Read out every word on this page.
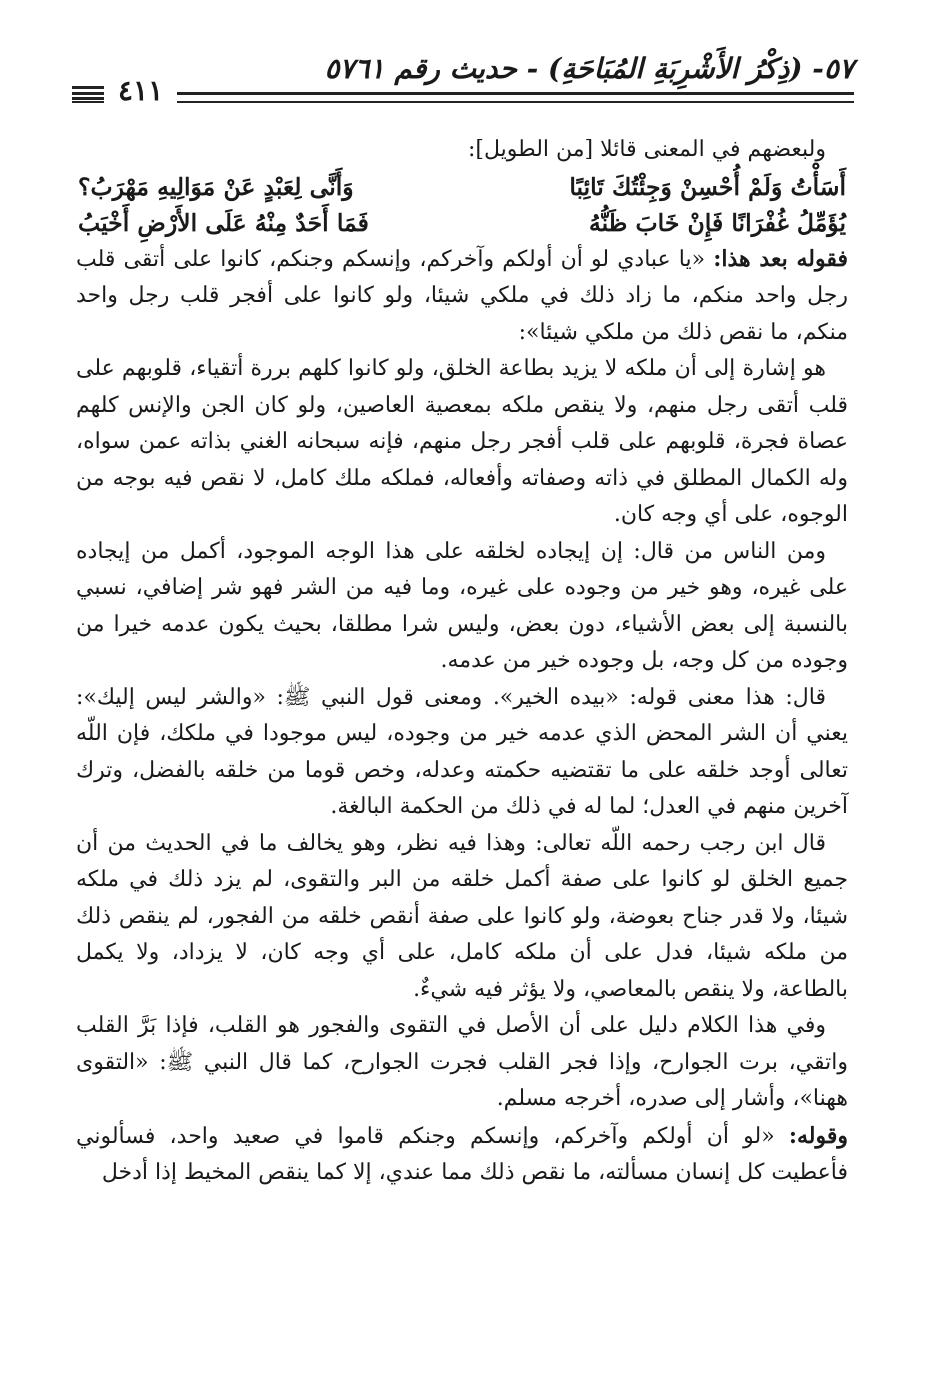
٥٧- (ذِكْرُ الأَشْرِبَةِ المُبَاحَةِ) - حديث رقم ٥٧٦١
٤١١

ولبعضهم في المعنى قائلا [من الطويل]:

أَسَأْتُ وَلَمْ أُحْسِنْ وَجِئْتُكَ تَائِبًا
وَأَنَّى لِعَبْدٍ عَنْ مَوَالِيهِ مَهْرَبُ؟
يُؤَمِّلُ غُفْرَانًا فَإِنْ خَابَ ظَنُّهُ
فَمَا أَحَدٌ مِنْهُ عَلَى الأَرْضِ أَخْيَبُ

فقوله بعد هذا: «يا عبادي لو أن أولكم وآخركم، وإنسكم وجنكم، كانوا على أتقى قلب رجل واحد منكم، ما زاد ذلك في ملكي شيئا، ولو كانوا على أفجر قلب رجل واحد منكم، ما نقص ذلك من ملكي شيئا»:

هو إشارة إلى أن ملكه لا يزيد بطاعة الخلق، ولو كانوا كلهم بررة أتقياء، قلوبهم على قلب أتقى رجل منهم، ولا ينقص ملكه بمعصية العاصين، ولو كان الجن والإنس كلهم عصاة فجرة، قلوبهم على قلب أفجر رجل منهم، فإنه سبحانه الغني بذاته عمن سواه، وله الكمال المطلق في ذاته وصفاته وأفعاله، فملكه ملك كامل، لا نقص فيه بوجه من الوجوه، على أي وجه كان.

ومن الناس من قال: إن إيجاده لخلقه على هذا الوجه الموجود، أكمل من إيجاده على غيره، وهو خير من وجوده على غيره، وما فيه من الشر فهو شر إضافي، نسبي بالنسبة إلى بعض الأشياء، دون بعض، وليس شرا مطلقا، بحيث يكون عدمه خيرا من وجوده من كل وجه، بل وجوده خير من عدمه.

قال: هذا معنى قوله: «بيده الخير». ومعنى قول النبي ﷺ: «والشر ليس إليك»: يعني أن الشر المحض الذي عدمه خير من وجوده، ليس موجودا في ملكك، فإن اللّه تعالى أوجد خلقه على ما تقتضيه حكمته وعدله، وخص قوما من خلقه بالفضل، وترك آخرين منهم في العدل؛ لما له في ذلك من الحكمة البالغة.

قال ابن رجب رحمه اللّه تعالى: وهذا فيه نظر، وهو يخالف ما في الحديث من أن جميع الخلق لو كانوا على صفة أكمل خلقه من البر والتقوى، لم يزد ذلك في ملكه شيئا، ولا قدر جناح بعوضة، ولو كانوا على صفة أنقص خلقه من الفجور، لم ينقص ذلك من ملكه شيئا، فدل على أن ملكه كامل، على أي وجه كان، لا يزداد، ولا يكمل بالطاعة، ولا ينقص بالمعاصي، ولا يؤثر فيه شيءٌ.

وفي هذا الكلام دليل على أن الأصل في التقوى والفجور هو القلب، فإذا بَرَّ القلب واتقي، برت الجوارح، وإذا فجر القلب فجرت الجوارح، كما قال النبي ﷺ: «التقوى ههنا»، وأشار إلى صدره، أخرجه مسلم.

وقوله: «لو أن أولكم وآخركم، وإنسكم وجنكم قاموا في صعيد واحد، فسألوني فأعطيت كل إنسان مسألته، ما نقص ذلك مما عندي، إلا كما ينقص المخيط إذا أدخل
